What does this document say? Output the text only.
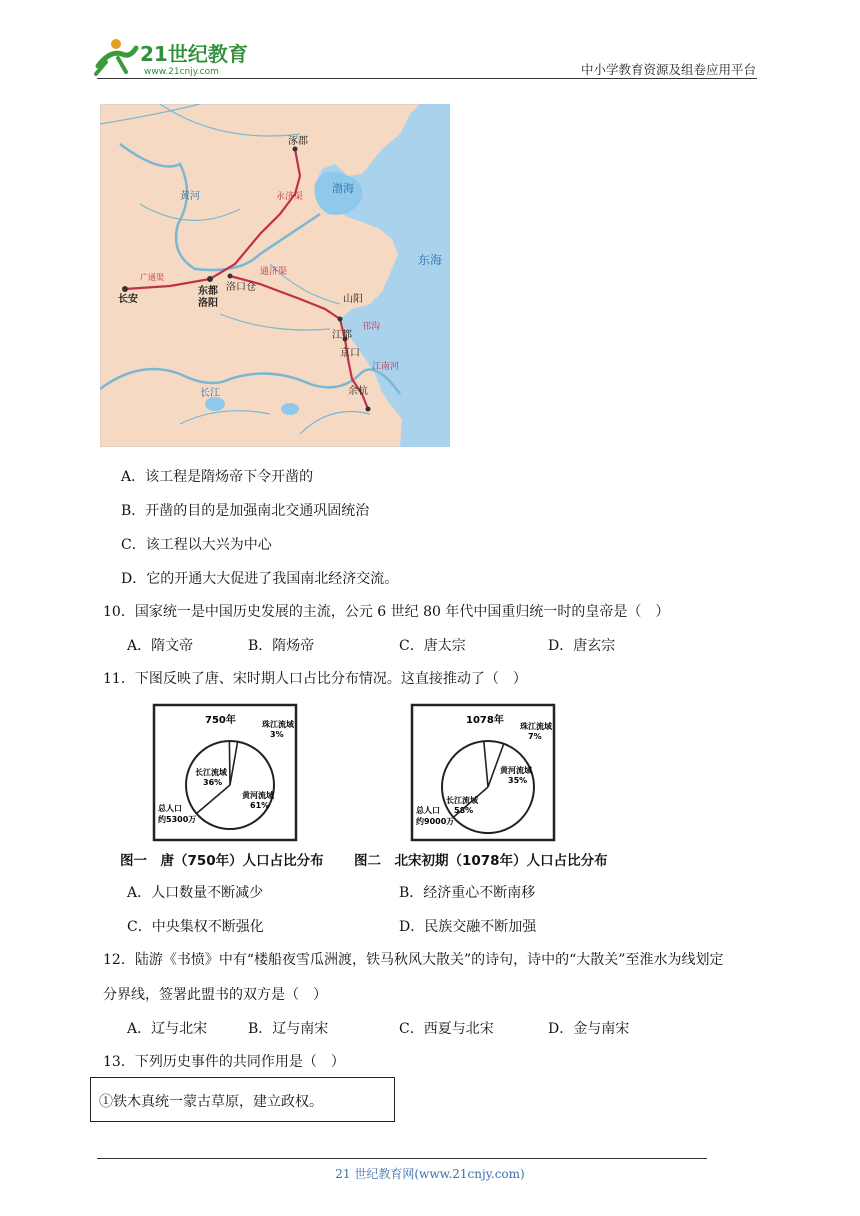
21世纪教育
www.21cnjy.com	中小学教育资源及组卷应用平台
涿郡
渤海
东海
黄河
长安
东都
洛阳
洛口仓
山阳
江都
京口
余杭
长江
永济渠
通济渠
邗沟
江南河
广通渠
A．该工程是隋炀帝下令开凿的
B．开凿的目的是加强南北交通巩固统治
C．该工程以大兴为中心
D．它的开通大大促进了我国南北经济交流。
10．国家统一是中国历史发展的主流，公元 6 世纪 80 年代中国重归统一时的皇帝是（　）
A．隋文帝	B．隋炀帝	C．唐太宗	D．唐玄宗
11．下图反映了唐、宋时期人口占比分布情况。这直接推动了（　）
750年
黄河流域
61%
长江流域
36%
珠江流域
3%
总人口
约5300万
1078年
长江流域
58%
黄河流域
35%
珠江流域
7%
总人口
约9000万
图一　唐（750年）人口占比分布 图二　北宋初期（1078年）人口占比分布
A．人口数量不断减少	B．经济重心不断南移
C．中央集权不断强化	D．民族交融不断加强
12．陆游《书愤》中有“楼船夜雪瓜洲渡，铁马秋风大散关”的诗句，诗中的“大散关”至淮水为线划定
分界线，签署此盟书的双方是（　）
A．辽与北宋	B．辽与南宋	C．西夏与北宋	D．金与南宋
13．下列历史事件的共同作用是（　）
①铁木真统一蒙古草原，建立政权。
21 世纪教育网(www.21cnjy.com)
